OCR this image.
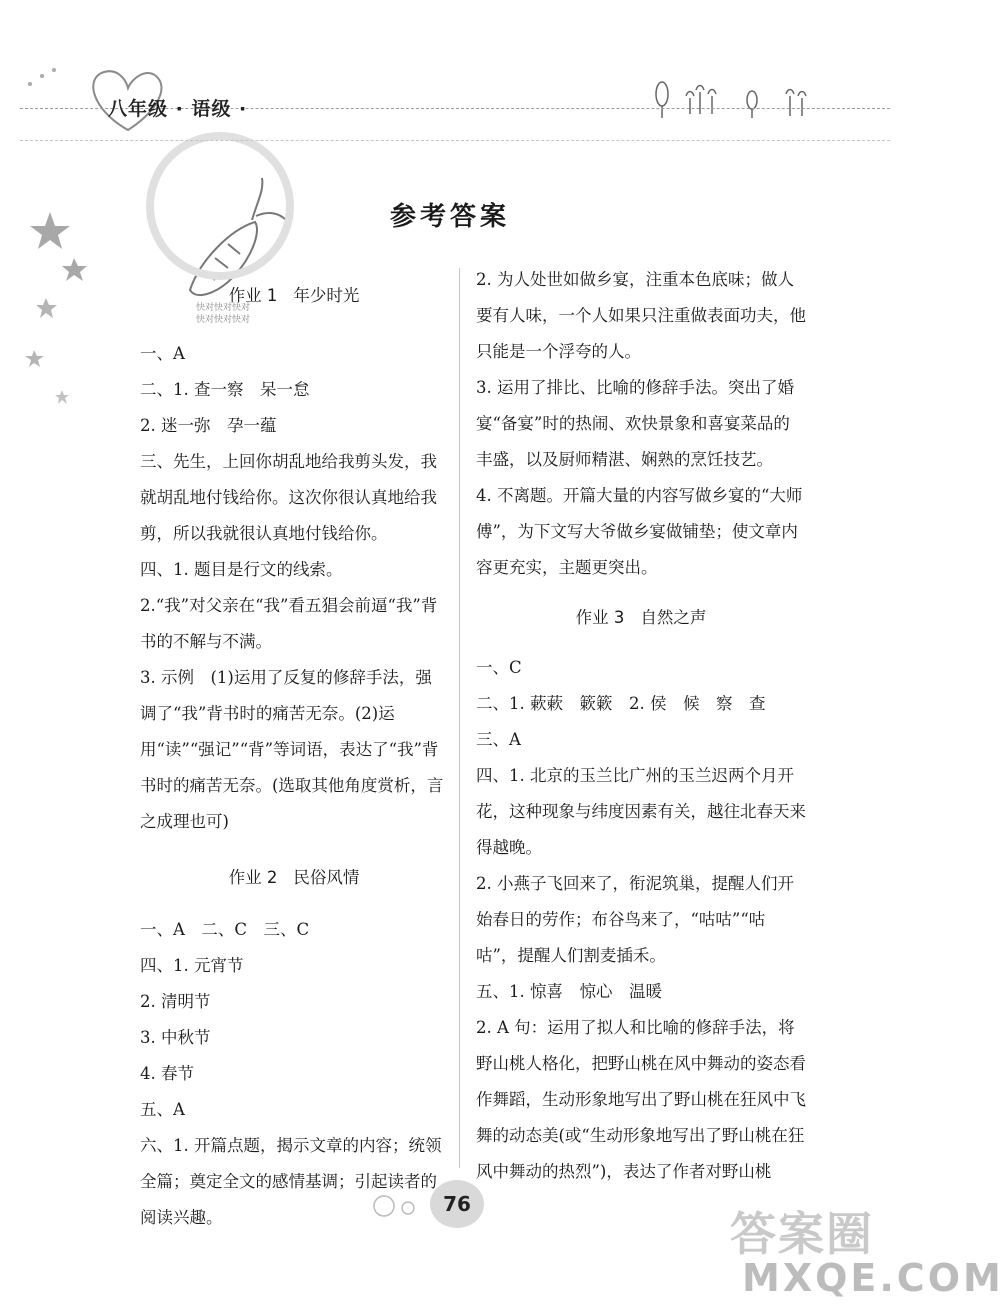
八年级 · 语级 ·
快对快对快对
快对快对快对
参考答案
作业 1 年少时光

一、A

二、1. 查一察　呆一怠

2. 迷一弥　孕一蕴

三、先生，上回你胡乱地给我剪头发，我就胡乱地付钱给你。这次你很认真地给我剪，所以我就很认真地付钱给你。

四、1. 题目是行文的线索。

2.“我”对父亲在“我”看五猖会前逼“我”背书的不解与不满。

3. 示例　(1)运用了反复的修辞手法，强调了“我”背书时的痛苦无奈。(2)运用“读”“强记”“背”等词语，表达了“我”背书时的痛苦无奈。(选取其他角度赏析，言之成理也可)

作业 2 民俗风情

一、A　二、C　三、C

四、1. 元宵节

2. 清明节

3. 中秋节

4. 春节

五、A

六、1. 开篇点题，揭示文章的内容；统领全篇；奠定全文的感情基调；引起读者的阅读兴趣。

2. 为人处世如做乡宴，注重本色底味；做人要有人味，一个人如果只注重做表面功夫，他只能是一个浮夸的人。

3. 运用了排比、比喻的修辞手法。突出了婚宴“备宴”时的热闹、欢快景象和喜宴菜品的丰盛，以及厨师精湛、娴熟的烹饪技艺。

4. 不离题。开篇大量的内容写做乡宴的“大师傅”，为下文写大爷做乡宴做铺垫；使文章内容更充实，主题更突出。

作业 3 自然之声

一、C

二、1. 蔌蔌　簌簌　2. 侯　候　察　查

三、A

四、1. 北京的玉兰比广州的玉兰迟两个月开花，这种现象与纬度因素有关，越往北春天来得越晚。

2. 小燕子飞回来了，衔泥筑巢，提醒人们开始春日的劳作；布谷鸟来了，“咕咕”“咕咕”，提醒人们割麦插禾。

五、1. 惊喜　惊心　温暖

2. A 句：运用了拟人和比喻的修辞手法，将野山桃人格化，把野山桃在风中舞动的姿态看作舞蹈，生动形象地写出了野山桃在狂风中飞舞的动态美(或“生动形象地写出了野山桃在狂风中舞动的热烈”)，表达了作者对野山桃

76
答案圈
MXQE.COM
